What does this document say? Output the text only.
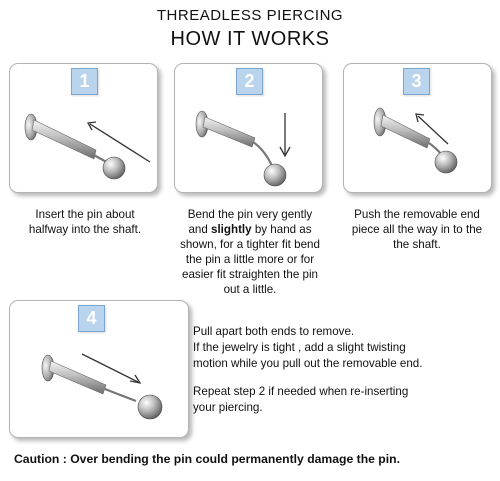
THREADLESS PIERCING
HOW IT WORKS
1	2	3
Insert the pin about
halfway into the shaft.
Bend the pin very gently
and slightly by hand as
shown, for a tighter fit bend
the pin a little more or for
easier fit straighten the pin
out a little.
Push the removable end
piece all the way in to the
the shaft.
4
Pull apart both ends to remove.
If the jewelry is tight , add a slight twisting
motion while you pull out the removable end.
Repeat step 2 if needed when re-inserting
your piercing.
Caution : Over bending the pin could permanently damage the pin.
